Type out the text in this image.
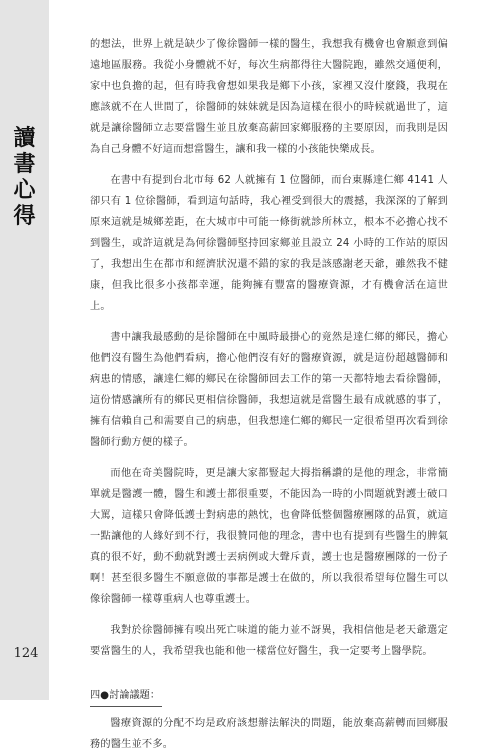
讀
書
心
得
124

的想法，世界上就是缺少了像徐醫師一樣的醫生，我想我有機會也會願意到偏遠地區服務。我從小身體就不好，每次生病都得往大醫院跑，雖然交通便利，家中也負擔的起，但有時我會想如果我是鄉下小孩，家裡又沒什麼錢，我現在應該就不在人世間了，徐醫師的妹妹就是因為這樣在很小的時候就過世了，這就是讓徐醫師立志要當醫生並且放棄高薪回家鄉服務的主要原因，而我則是因為自己身體不好這而想當醫生，讓和我一樣的小孩能快樂成長。

在書中有提到台北市每 62 人就擁有 1 位醫師，而台東縣達仁鄉 4141 人卻只有 1 位徐醫師，看到這句話時，我心裡受到很大的震撼，我深深的了解到原來這就是城鄉差距，在大城市中可能一條街就診所林立，根本不必擔心找不到醫生，或許這就是為何徐醫師堅持回家鄉並且設立 24 小時的工作站的原因了，我想出生在都市和經濟狀況還不錯的家的我是該感謝老天爺，雖然我不健康，但我比很多小孩都幸運，能夠擁有豐富的醫療資源，才有機會活在這世上。

書中讓我最感動的是徐醫師在中風時最掛心的竟然是達仁鄉的鄉民，擔心他們沒有醫生為他們看病，擔心他們沒有好的醫療資源，就是這份超越醫師和病患的情感，讓達仁鄉的鄉民在徐醫師回去工作的第一天都特地去看徐醫師，這份情感讓所有的鄉民更相信徐醫師，我想這就是當醫生最有成就感的事了，擁有信賴自己和需要自己的病患，但我想達仁鄉的鄉民一定很希望再次看到徐醫師行動方便的樣子。

而他在奇美醫院時，更是讓大家都豎起大拇指稱讚的是他的理念，非常簡單就是醫護一體，醫生和護士都很重要，不能因為一時的小問題就對護士破口大罵，這樣只會降低護士對病患的熱忱，也會降低整個醫療團隊的品質，就這一點讓他的人緣好到不行，我很贊同他的理念，書中也有提到有些醫生的脾氣真的很不好，動不動就對護士丟病例或大聲斥責，護士也是醫療團隊的一份子啊！甚至很多醫生不願意做的事都是護士在做的，所以我很希望每位醫生可以像徐醫師一樣尊重病人也尊重護士。

我對於徐醫師擁有嗅出死亡味道的能力並不訝異，我相信他是老天爺選定要當醫生的人，我希望我也能和他一樣當位好醫生，我一定要考上醫學院。

四●討論議題：

醫療資源的分配不均是政府該想辦法解決的問題，能放棄高薪轉而回鄉服務的醫生並不多。
